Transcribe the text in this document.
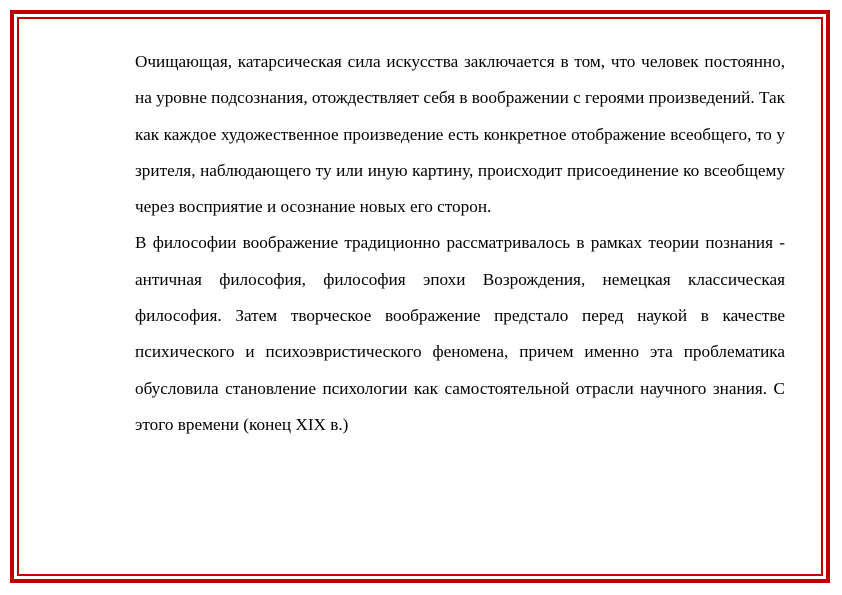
Очищающая, катарсическая сила искусства заключается в том, что человек постоянно, на уровне подсознания, отождествляет себя в воображении с героями произведений. Так как каждое художественное произведение есть конкретное отображение всеобщего, то у зрителя, наблюдающего ту или иную картину, происходит присоединение ко всеобщему через восприятие и осознание новых его сторон.

В философии воображение традиционно рассматривалось в рамках теории познания - античная философия, философия эпохи Возрождения, немецкая классическая философия. Затем творческое воображение предстало перед наукой в качестве психического и психоэвристического феномена, причем именно эта проблематика обусловила становление психологии как самостоятельной отрасли научного знания. С этого времени (конец XIX в.)
